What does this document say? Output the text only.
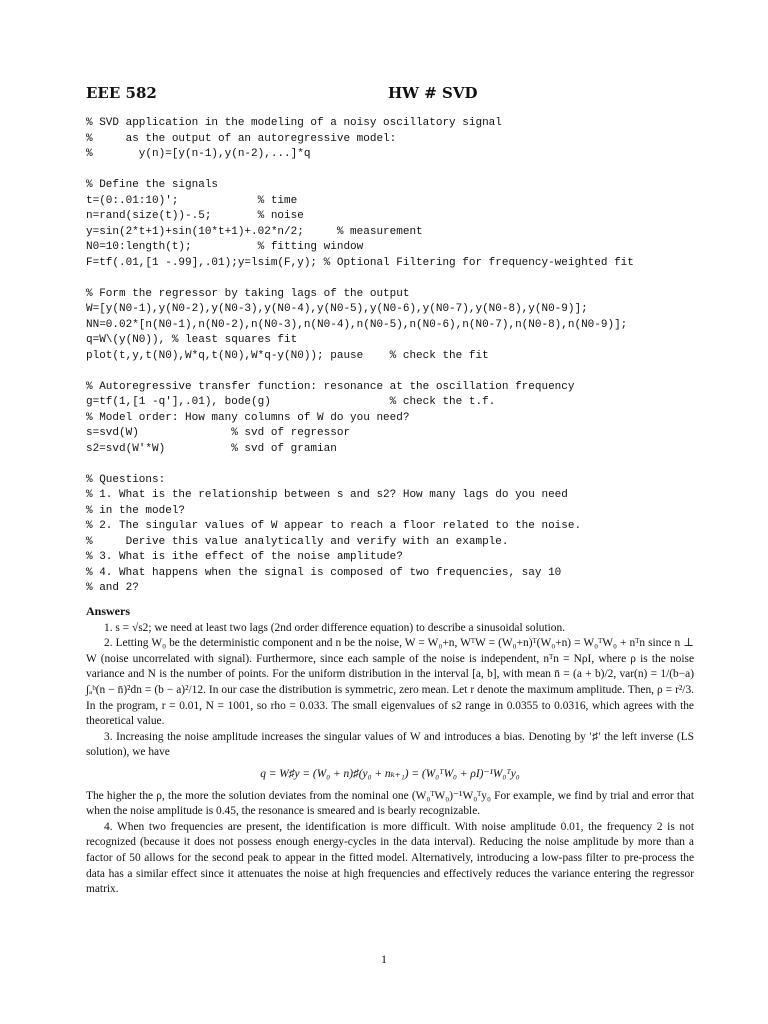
EEE 582	HW # SVD
% SVD application in the modeling of a noisy oscillatory signal
%     as the output of an autoregressive model:
%       y(n)=[y(n-1),y(n-2),...]*q
% Define the signals
t=(0:.01:10)';            % time
n=rand(size(t))-.5;       % noise
y=sin(2*t+1)+sin(10*t+1)+.02*n/2;     % measurement
N0=10:length(t);          % fitting window
F=tf(.01,[1 -.99],.01);y=lsim(F,y); % Optional Filtering for frequency-weighted fit
% Form the regressor by taking lags of the output
W=[y(N0-1),y(N0-2),y(N0-3),y(N0-4),y(N0-5),y(N0-6),y(N0-7),y(N0-8),y(N0-9)];
NN=0.02*[n(N0-1),n(N0-2),n(N0-3),n(N0-4),n(N0-5),n(N0-6),n(N0-7),n(N0-8),n(N0-9)];
q=W\(y(N0)), % least squares fit
plot(t,y,t(N0),W*q,t(N0),W*q-y(N0)); pause    % check the fit
% Autoregressive transfer function: resonance at the oscillation frequency
g=tf(1,[1 -q'],.01), bode(g)                  % check the t.f.
% Model order: How many columns of W do you need?
s=svd(W)              % svd of regressor
s2=svd(W'*W)          % svd of gramian
% Questions:
% 1. What is the relationship between s and s2? How many lags do you need
% in the model?
% 2. The singular values of W appear to reach a floor related to the noise.
%     Derive this value analytically and verify with an example.
% 3. What is ithe effect of the noise amplitude?
% 4. What happens when the signal is composed of two frequencies, say 10
% and 2?
Answers

1. s = √s2; we need at least two lags (2nd order difference equation) to describe a sinusoidal solution.

2. Letting W₀ be the deterministic component and n be the noise, W = W₀+n, WᵀW = (W₀+n)ᵀ(W₀+n) = W₀ᵀW₀ + nᵀn since n ⊥ W (noise uncorrelated with signal). Furthermore, since each sample of the noise is independent, nᵀn = NρI, where ρ is the noise variance and N is the number of points. For the uniform distribution in the interval [a, b], with mean n̄ = (a + b)/2, var(n) = 1/(b−a) ∫ₐᵇ(n − n̄)²dn = (b − a)²/12. In our case the distribution is symmetric, zero mean. Let r denote the maximum amplitude. Then, ρ = r²/3. In the program, r = 0.01, N = 1001, so rho = 0.033. The small eigenvalues of s2 range in 0.0355 to 0.0316, which agrees with the theoretical value.

3. Increasing the noise amplitude increases the singular values of W and introduces a bias. Denoting by '♯' the left inverse (LS solution), we have

q = W♯y = (W₀ + n)♯(y₀ + nₖ₊₁) = (W₀ᵀW₀ + ρI)⁻¹W₀ᵀy₀

The higher the ρ, the more the solution deviates from the nominal one (W₀ᵀW₀)⁻¹W₀ᵀy₀ For example, we find by trial and error that when the noise amplitude is 0.45, the resonance is smeared and is bearly recognizable.

4. When two frequencies are present, the identification is more difficult. With noise amplitude 0.01, the frequency 2 is not recognized (because it does not possess enough energy-cycles in the data interval). Reducing the noise amplitude by more than a factor of 50 allows for the second peak to appear in the fitted model. Alternatively, introducing a low-pass filter to pre-process the data has a similar effect since it attenuates the noise at high frequencies and effectively reduces the variance entering the regressor matrix.

1
